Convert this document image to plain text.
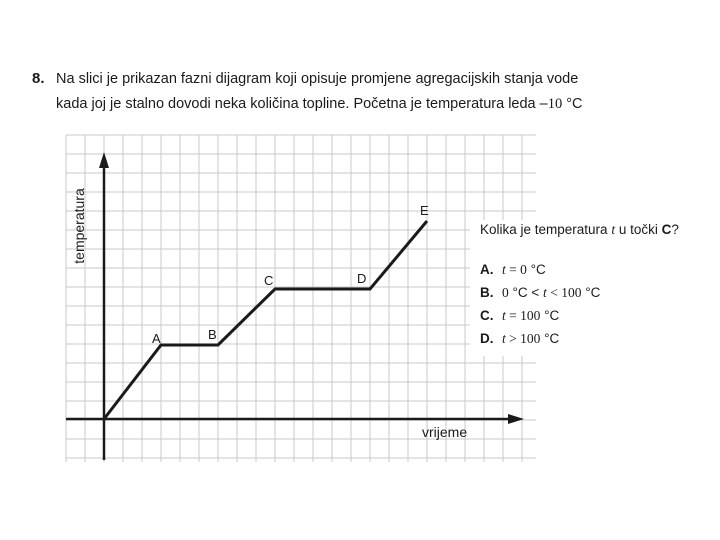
8. Na slici je prikazan fazni dijagram koji opisuje promjene agregacijskih stanja vode
kada joj je stalno dovodi neka količina topline. Početna je temperatura leda –10 °C
temperatura
vrijeme
A	B
C	D
E
Kolika je temperatura t u točki C?
A. t = 0 °C
B. 0 °C < t < 100 °C
C. t = 100 °C
D. t > 100 °C
